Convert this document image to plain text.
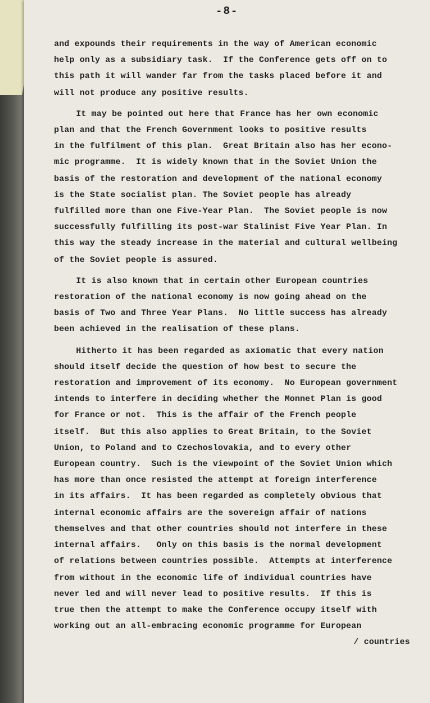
-8-
and expounds their requirements in the way of American economic
help only as a subsidiary task.  If the Conference gets off on to
this path it will wander far from the tasks placed before it and
will not produce any positive results.
It may be pointed out here that France has her own economic
plan and that the French Government looks to positive results
in the fulfilment of this plan.  Great Britain also has her econo-
mic programme.  It is widely known that in the Soviet Union the
basis of the restoration and development of the national economy
is the State socialist plan. The Soviet people has already
fulfilled more than one Five-Year Plan.  The Soviet people is now
successfully fulfilling its post-war Stalinist Five Year Plan. In
this way the steady increase in the material and cultural wellbeing
of the Soviet people is assured.
It is also known that in certain other European countries
restoration of the national economy is now going ahead on the
basis of Two and Three Year Plans.  No little success has already
been achieved in the realisation of these plans.
Hitherto it has been regarded as axiomatic that every nation
should itself decide the question of how best to secure the
restoration and improvement of its economy.  No European government
intends to interfere in deciding whether the Monnet Plan is good
for France or not.  This is the affair of the French people
itself.  But this also applies to Great Britain, to the Soviet
Union, to Poland and to Czechoslovakia, and to every other
European country.  Such is the viewpoint of the Soviet Union which
has more than once resisted the attempt at foreign interference
in its affairs.  It has been regarded as completely obvious that
internal economic affairs are the sovereign affair of nations
themselves and that other countries should not interfere in these
internal affairs.   Only on this basis is the normal development
of relations between countries possible.  Attempts at interference
from without in the economic life of individual countries have
never led and will never lead to positive results.  If this is
true then the attempt to make the Conference occupy itself with
working out an all-embracing economic programme for European
/ countries
